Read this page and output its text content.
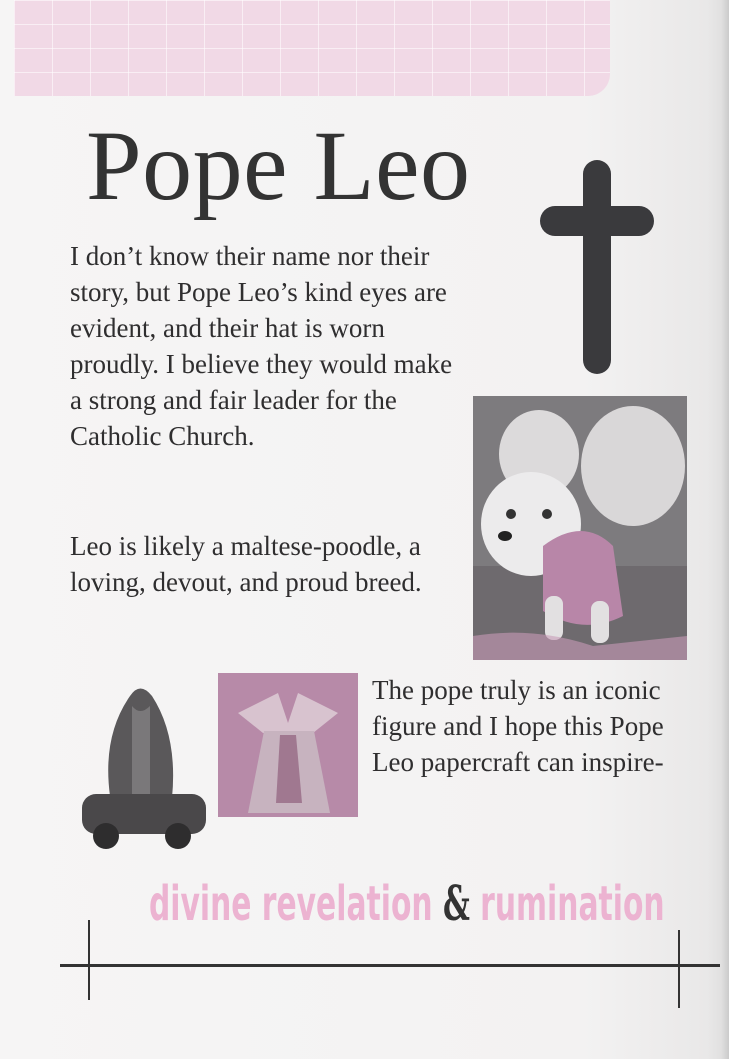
Pope Leo

I don’t know their name nor their story, but Pope Leo’s kind eyes are evident, and their hat is worn proudly. I believe they would make a strong and fair leader for the Catholic Church.

Leo is likely a maltese-poodle, a loving, devout, and proud breed.

The pope truly is an iconic figure and I hope this Pope Leo papercraft can inspire-

divine revelation & rumination
